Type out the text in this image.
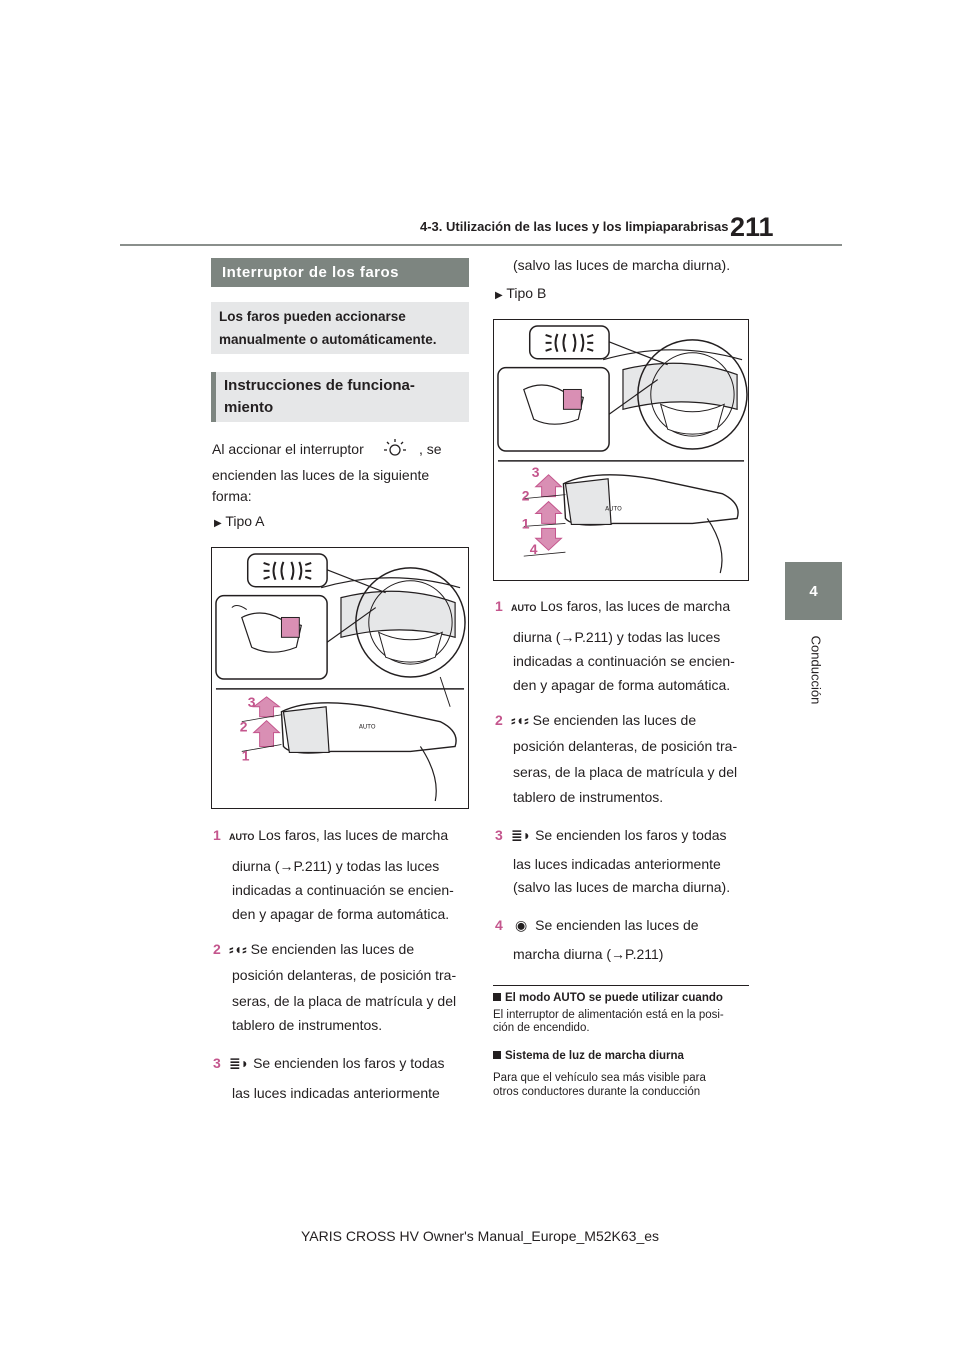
4-3. Utilización de las luces y los limpiaparabrisas 211
4
Conducción
Interruptor de los faros
Los faros pueden accionarse
manualmente o automáticamente.
Instrucciones de funciona-
miento
Al accionar el interruptor	, se
encienden las luces de la siguiente
forma:
▶ Tipo A
AUTO
3
2
1
1 AUTO Los faros, las luces de marcha
diurna (→P.211) y todas las luces
indicadas a continuación se encien-
den y apagar de forma automática.
2 ⸗◖⸗ Se encienden las luces de
posición delanteras, de posición tra-
seras, de la placa de matrícula y del
tablero de instrumentos.
3 ≣◗ Se encienden los faros y todas
las luces indicadas anteriormente
(salvo las luces de marcha diurna).
▶ Tipo B
AUTO
3
2
1
4
1 AUTO Los faros, las luces de marcha
diurna (→P.211) y todas las luces
indicadas a continuación se encien-
den y apagar de forma automática.
2 ⸗◖⸗ Se encienden las luces de
posición delanteras, de posición tra-
seras, de la placa de matrícula y del
tablero de instrumentos.
3 ≣◗ Se encienden los faros y todas
las luces indicadas anteriormente
(salvo las luces de marcha diurna).
4 ◉ Se encienden las luces de
marcha diurna (→P.211)
El modo AUTO se puede utilizar cuando
El interruptor de alimentación está en la posi-
ción de encendido.
Sistema de luz de marcha diurna
Para que el vehículo sea más visible para
otros conductores durante la conducción
YARIS CROSS HV Owner's Manual_Europe_M52K63_es
